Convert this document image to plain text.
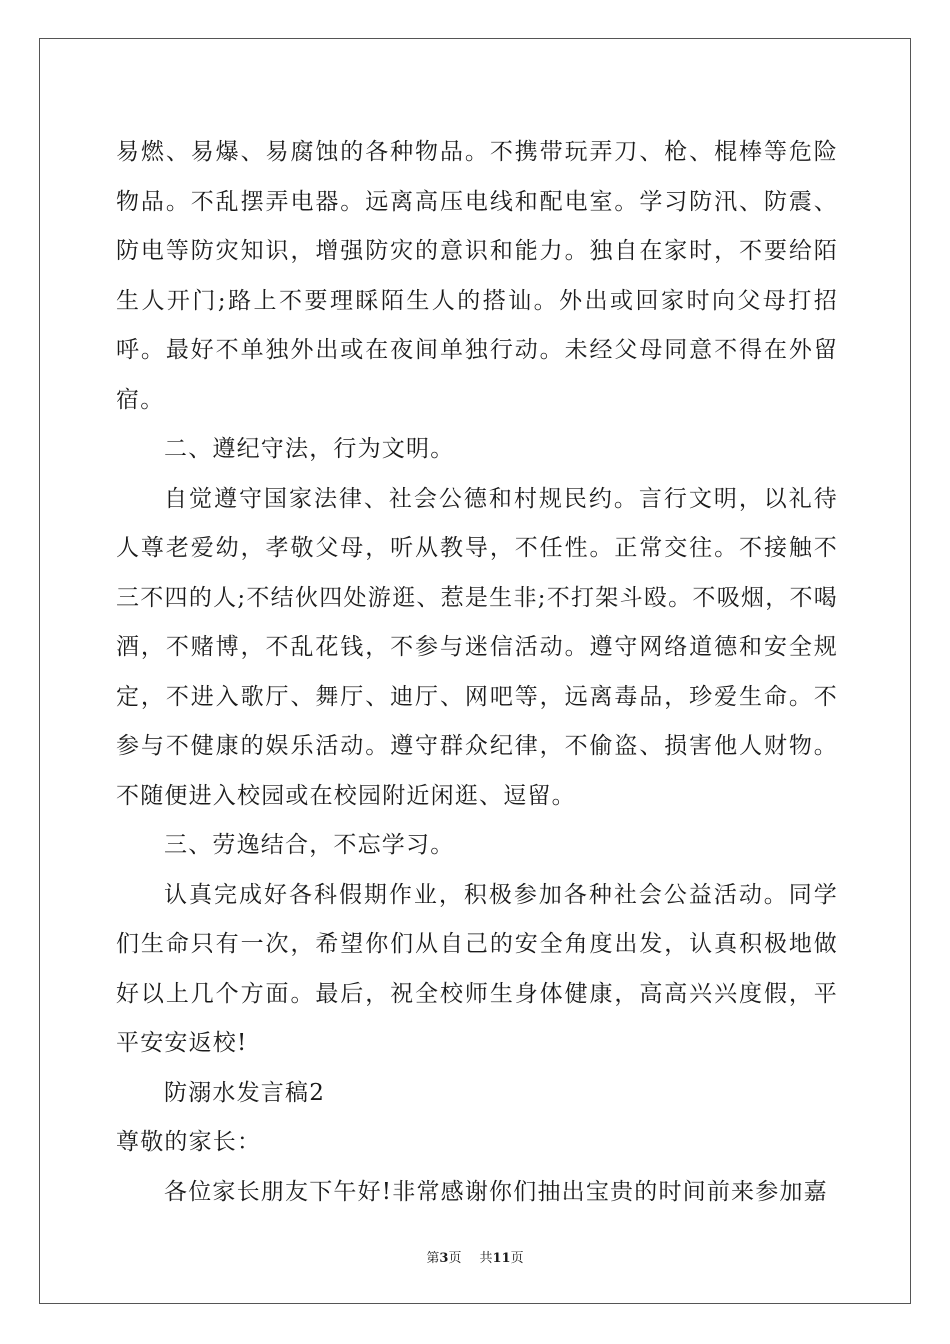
易燃、易爆、易腐蚀的各种物品。不携带玩弄刀、枪、棍棒等危险物品。不乱摆弄电器。远离高压电线和配电室。学习防汛、防震、防电等防灾知识，增强防灾的意识和能力。独自在家时，不要给陌生人开门;路上不要理睬陌生人的搭讪。外出或回家时向父母打招呼。最好不单独外出或在夜间单独行动。未经父母同意不得在外留宿。

二、遵纪守法，行为文明。

自觉遵守国家法律、社会公德和村规民约。言行文明，以礼待人尊老爱幼，孝敬父母，听从教导，不任性。正常交往。不接触不三不四的人;不结伙四处游逛、惹是生非;不打架斗殴。不吸烟，不喝酒，不赌博，不乱花钱，不参与迷信活动。遵守网络道德和安全规定，不进入歌厅、舞厅、迪厅、网吧等，远离毒品，珍爱生命。不参与不健康的娱乐活动。遵守群众纪律，不偷盗、损害他人财物。不随便进入校园或在校园附近闲逛、逗留。

三、劳逸结合，不忘学习。

认真完成好各科假期作业，积极参加各种社会公益活动。同学们生命只有一次，希望你们从自己的安全角度出发，认真积极地做好以上几个方面。最后，祝全校师生身体健康，高高兴兴度假，平平安安返校!

防溺水发言稿2

尊敬的家长：

各位家长朋友下午好!非常感谢你们抽出宝贵的时间前来参加嘉

第3页 共11页
